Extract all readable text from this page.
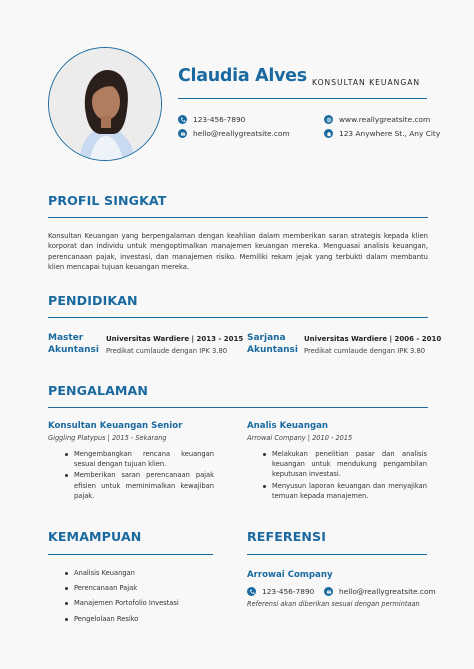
Claudia Alves KONSULTAN KEUANGAN
123-456-7890
hello@reallygreatsite.com
www.reallygreatsite.com
123 Anywhere St., Any City
PROFIL SINGKAT
Konsultan Keuangan yang berpengalaman dengan keahlian dalam memberikan saran strategis kepada klien korporat dan individu untuk mengoptimalkan manajemen keuangan mereka. Menguasai analisis keuangan, perencanaan pajak, investasi, dan manajemen risiko. Memiliki rekam jejak yang terbukti dalam membantu klien mencapai tujuan keuangan mereka.
PENDIDIKAN
Master
Akuntansi
Universitas Wardiere | 2013 - 2015
Predikat cumlaude dengan IPK 3.80
Sarjana
Akuntansi
Universitas Wardiere | 2006 - 2010
Predikat cumlaude dengan IPK 3.80
PENGALAMAN
Konsultan Keuangan Senior
Giggling Platypus | 2015 - Sekarang
Mengembangkan rencana keuangan sesuai dengan tujuan klien.
Memberikan saran perencanaan pajak efisien untuk meminimalkan kewajiban pajak.
Analis Keuangan
Arrowai Company | 2010 - 2015
Melakukan penelitian pasar dan analisis keuangan untuk mendukung pengambilan keputusan investasi.
Menyusun laporan keuangan dan menyajikan temuan kepada manajemen.
KEMAMPUAN
Analisis Keuangan
Perencanaan Pajak
Manajemen Portofolio Investasi
Pengelolaan Resiko
REFERENSI
Arrowai Company
123-456-7890	hello@reallygreatsite.com
Referensi akan diberikan sesuai dengan permintaan
